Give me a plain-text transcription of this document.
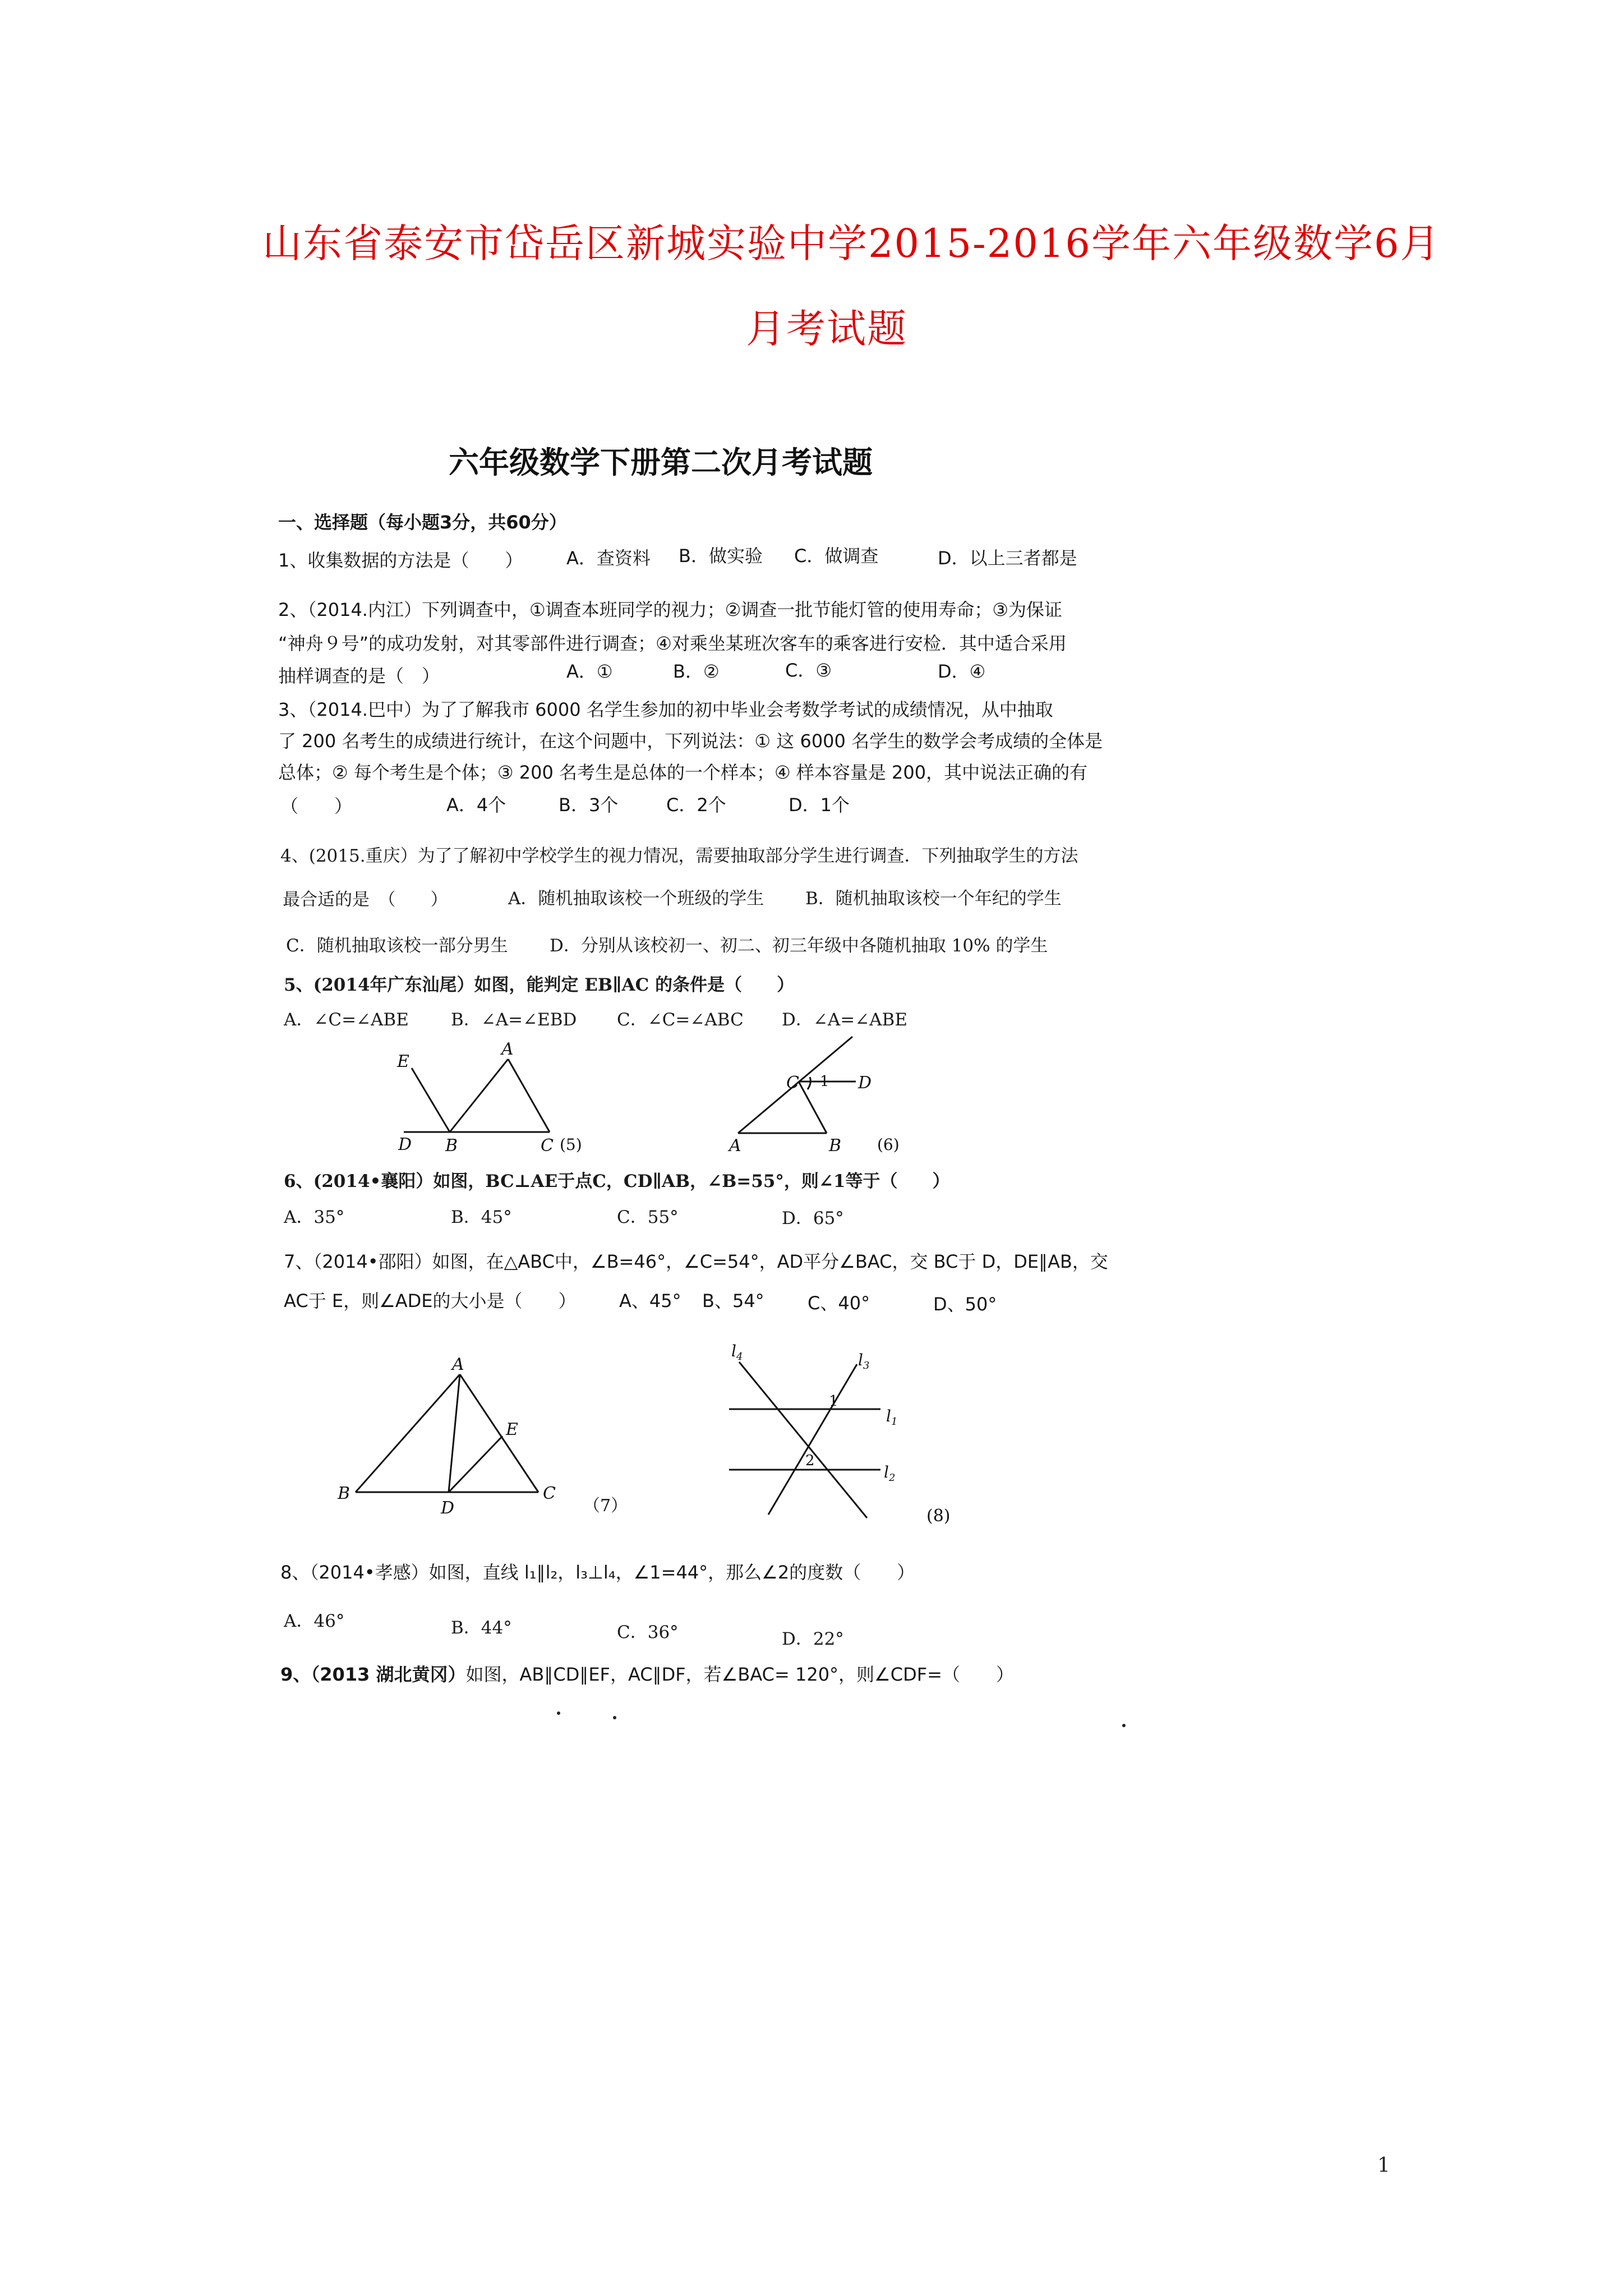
山东省泰安市岱岳区新城实验中学2015-2016学年六年级数学6月
月考试题
六年级数学下册第二次月考试题
一、选择题（每小题3分，共60分）
1、收集数据的方法是（　　） A．查资料 B．做实验 C．做调查	D．以上三者都是
2、（2014.内江）下列调查中，①调查本班同学的视力；②调查一批节能灯管的使用寿命；③为保证
“神舟９号”的成功发射，对其零部件进行调查；④对乘坐某班次客车的乘客进行安检．其中适合采用
抽样调查的是（　）	A．①	B．②	C．③	D．④
3、（2014.巴中）为了了解我市 6000 名学生参加的初中毕业会考数学考试的成绩情况，从中抽取
了 200 名考生的成绩进行统计，在这个问题中，下列说法：① 这 6000 名学生的数学会考成绩的全体是
总体；② 每个考生是个体；③ 200 名考生是总体的一个样本；④ 样本容量是 200，其中说法正确的有
（　　）	A．4个	B．3个	C．2个	D．1个
4、(2015.重庆）为了了解初中学校学生的视力情况，需要抽取部分学生进行调查．下列抽取学生的方法
最合适的是　（　　）	A．随机抽取该校一个班级的学生 B．随机抽取该校一个年纪的学生
C．随机抽取该校一部分男生 D．分别从该校初一、初二、初三年级中各随机抽取 10% 的学生
5、(2014年广东汕尾）如图，能判定 EB∥AC 的条件是（　　）
A．∠C=∠ABE B．∠A=∠EBD C．∠C=∠ABC D．∠A=∠ABE
E
A
D B	C (5)
C 1 D
A	B (6)
A
E
B
D
C
（7）
$l_4$	$l_3$
$l_1$
$l_2$
1
2
(8)
6、(2014•襄阳）如图，BC⊥AE于点C，CD∥AB，∠B=55°，则∠1等于（　　）
A．35°	B．45°	C．55°	D．65°
7、（2014•邵阳）如图，在△ABC中，∠B=46°，∠C=54°，AD平分∠BAC，交 BC于 D，DE∥AB，交
AC于 E，则∠ADE的大小是（　　） A、45° B、54° C、40°	D、50°
8、（2014•孝感）如图，直线 l₁∥l₂，l₃⊥l₄，∠1=44°，那么∠2的度数（　　）
A．46°	B．44°	C．36°	D．22°
9、（2013 湖北黄冈）如图，AB∥CD∥EF，AC∥DF，若∠BAC= 120°，则∠CDF=（　　）
1
